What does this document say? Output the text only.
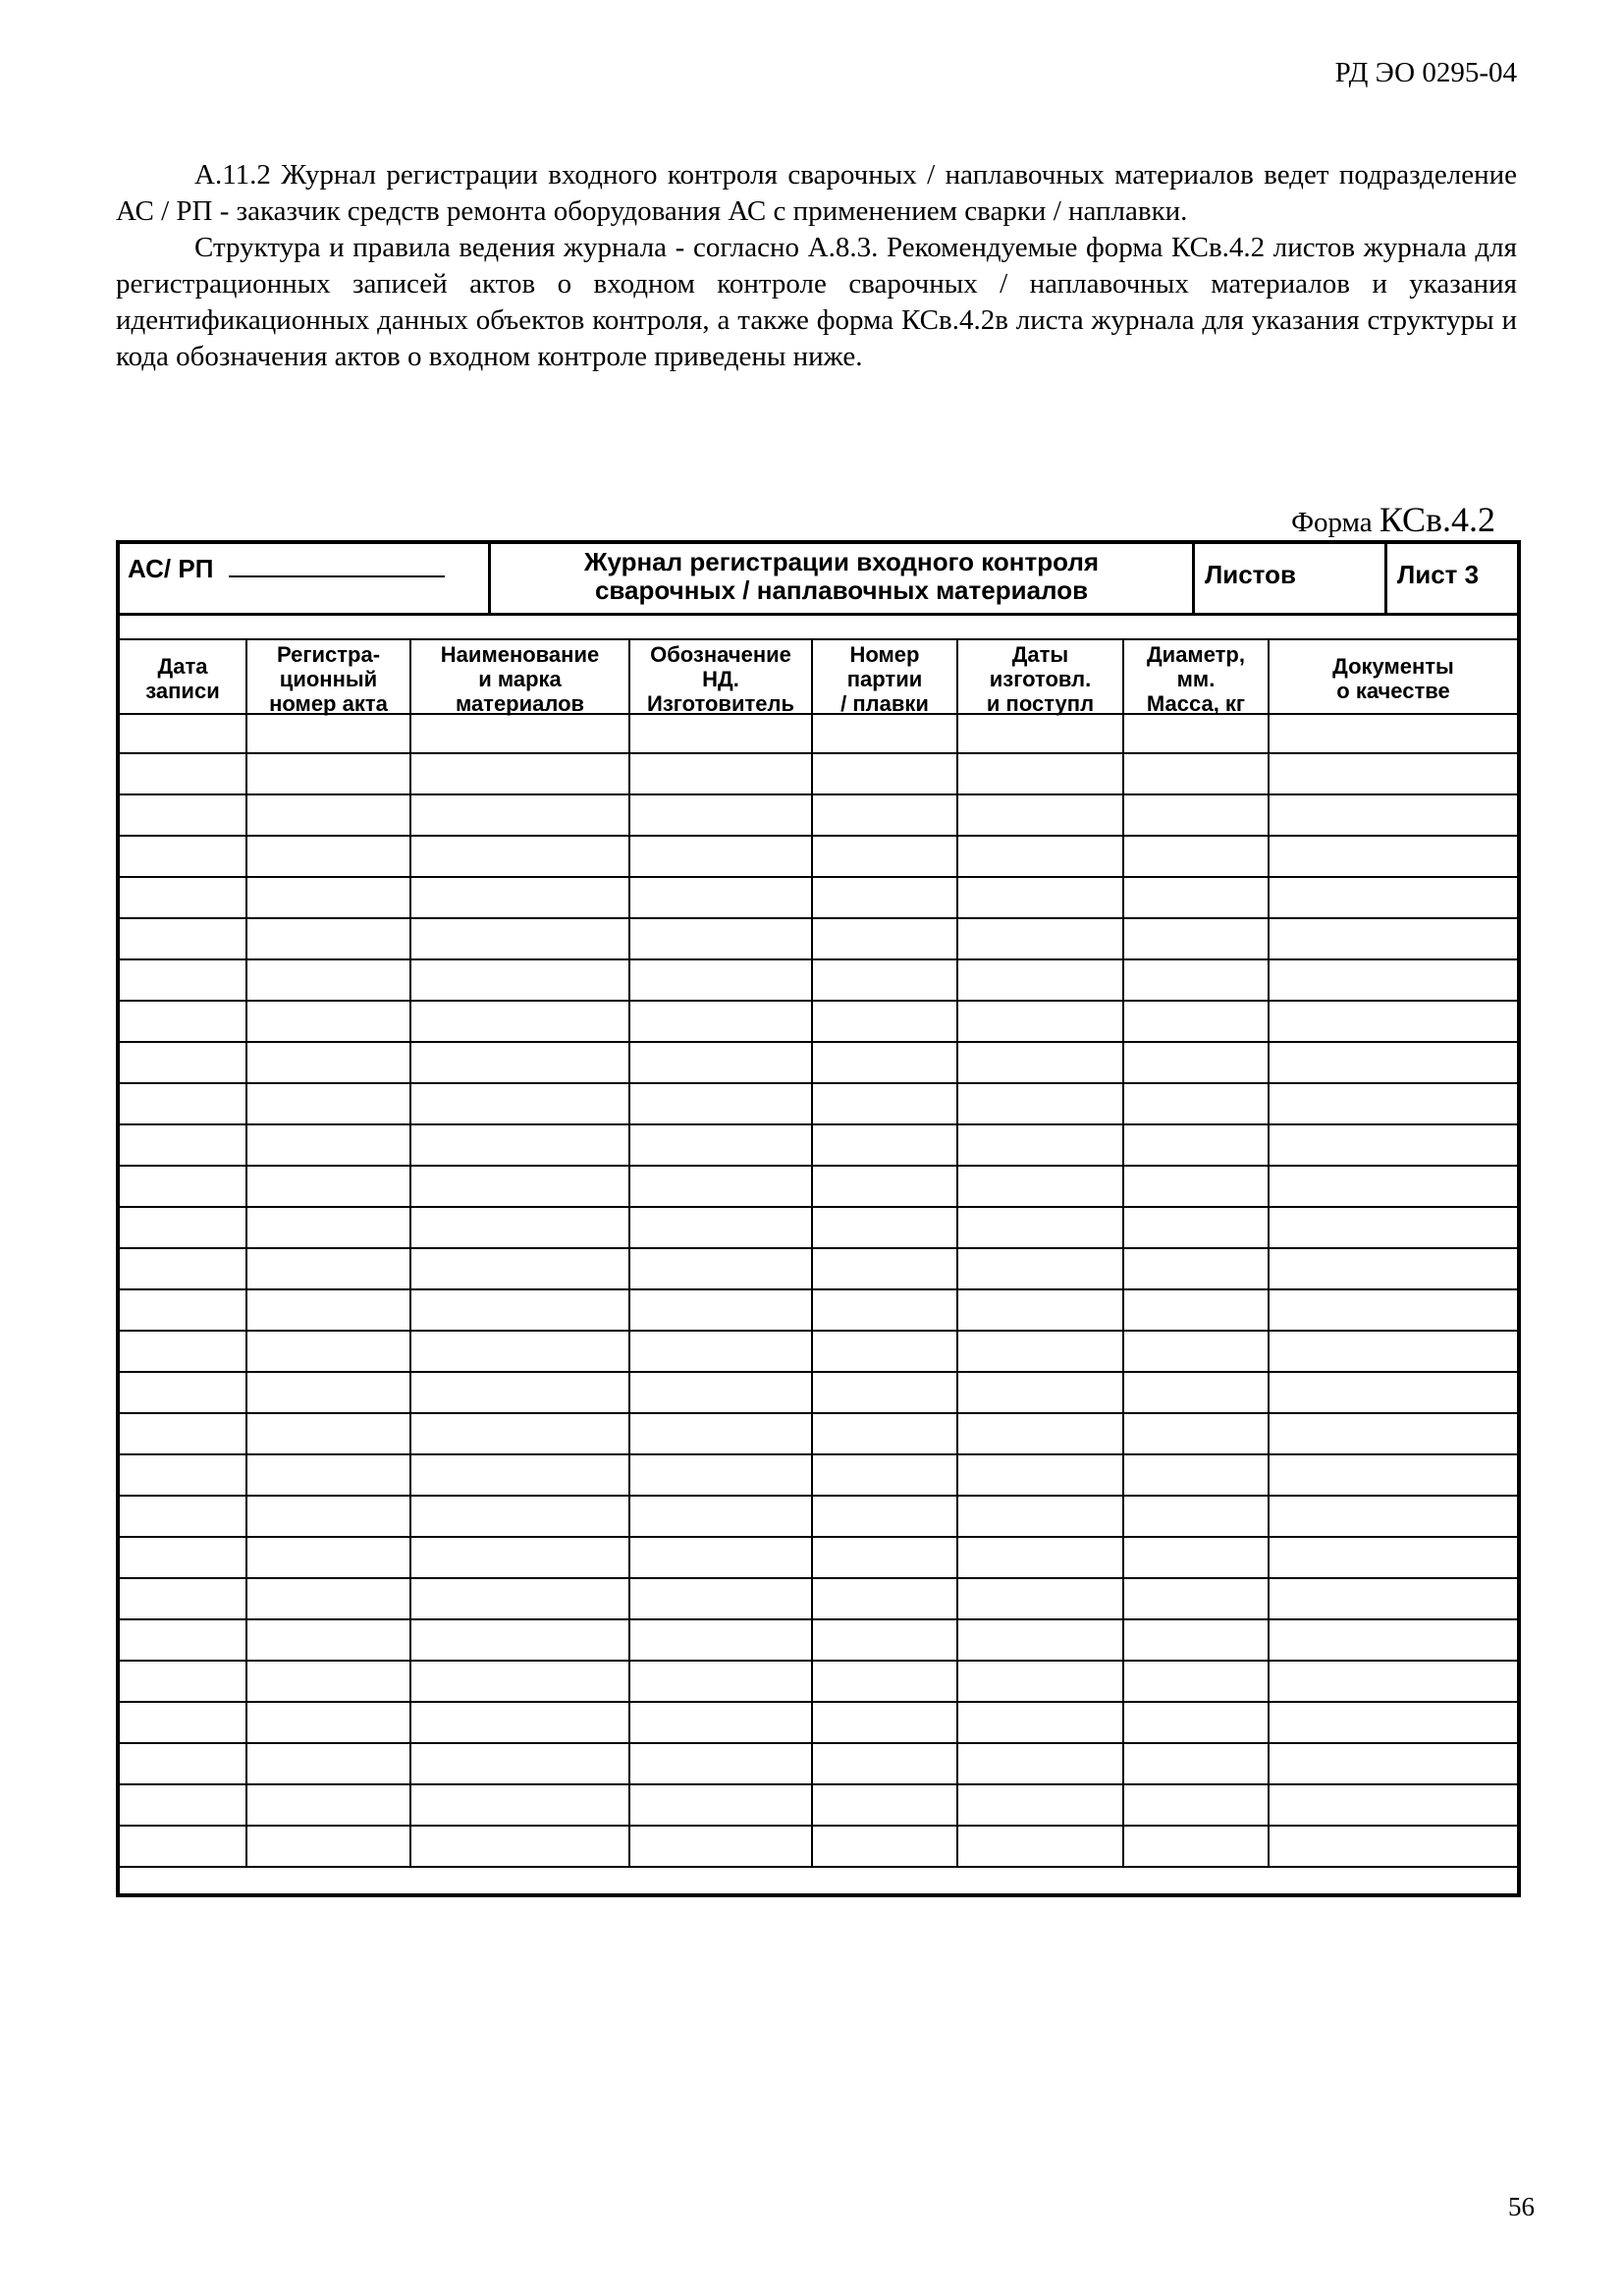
РД ЭО 0295-04

А.11.2 Журнал регистрации входного контроля сварочных / наплавочных материалов ведет подразделение АС / РП - заказчик средств ремонта оборудования АС с применением сварки / наплавки.

Структура и правила ведения журнала - согласно А.8.3. Рекомендуемые форма КСв.4.2 листов журнала для регистрационных записей актов о входном контроле сварочных / наплавочных материалов и указания идентификационных данных объектов контроля, а также форма КСв.4.2в листа журнала для указания структуры и кода обозначения актов о входном контроле приведены ниже.

Форма КСв.4.2
АС/ РП	Журнал регистрации входного контроля
сварочных / наплавочных материалов
Листов	Лист 3
Дата
записи
Регистра-
ционный
номер акта
Наименование
и марка
материалов
Обозначение
НД.
Изготовитель
Номер
партии
/ плавки
Даты
изготовл.
и поступл
Диаметр,
мм.
Масса, кг
Документы
о качестве
56
